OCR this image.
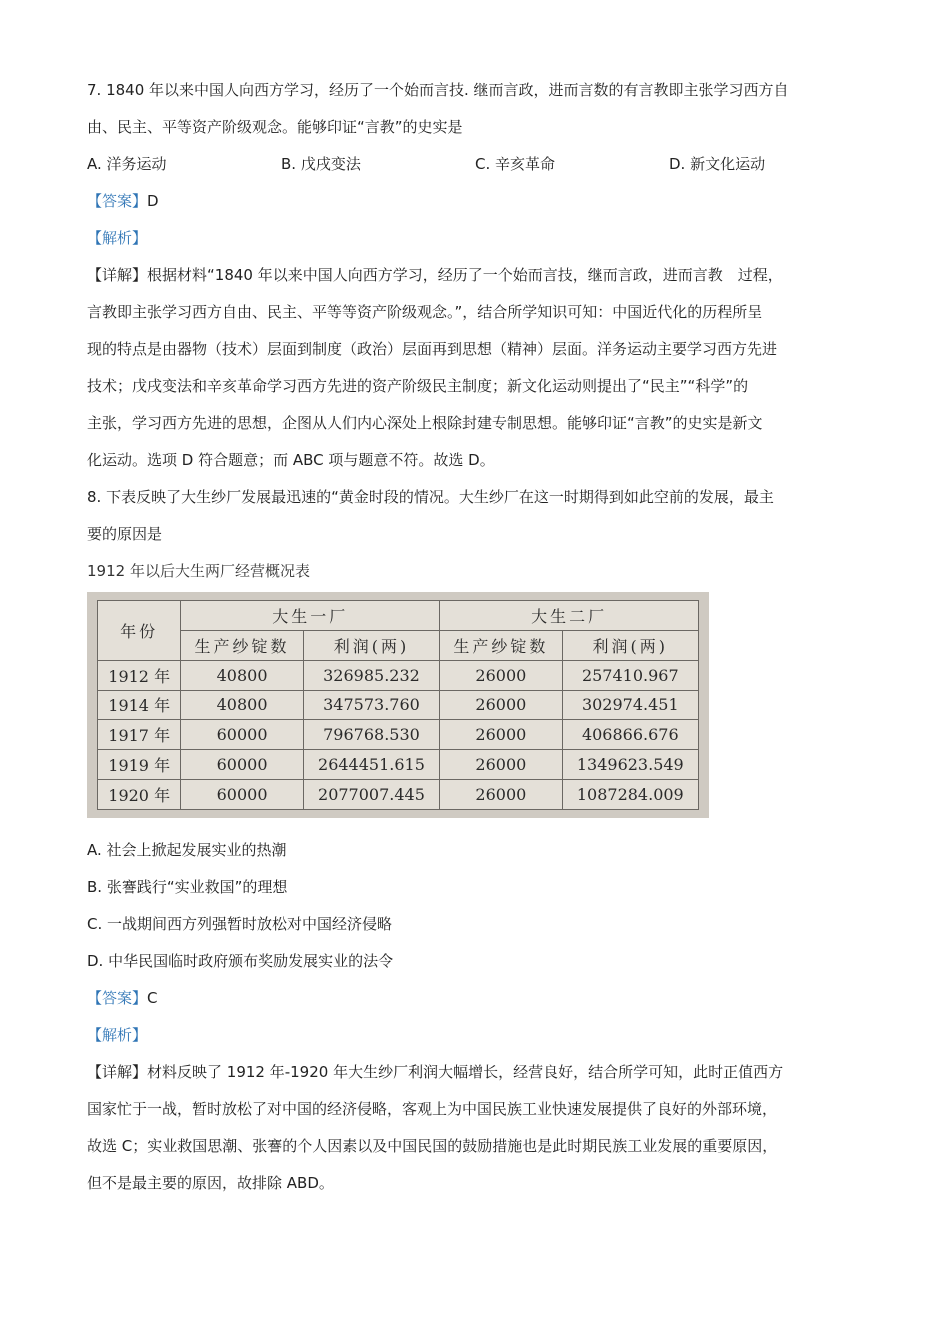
7. 1840 年以来中国人向西方学习，经历了一个始而言技. 继而言政，进而言数的有言教即主张学习西方自
由、民主、平等资产阶级观念。能够印证“言教”的史实是
A. 洋务运动	B. 戊戌变法	C. 辛亥革命	D. 新文化运动
【答案】D
【解析】
【详解】根据材料“1840 年以来中国人向西方学习，经历了一个始而言技，继而言政，进而言教　过程，
言教即主张学习西方自由、民主、平等等资产阶级观念。”，结合所学知识可知：中国近代化的历程所呈
现的特点是由器物（技术）层面到制度（政治）层面再到思想（精神）层面。洋务运动主要学习西方先进
技术；戊戌变法和辛亥革命学习西方先进的资产阶级民主制度；新文化运动则提出了“民主”“科学”的
主张，学习西方先进的思想，企图从人们内心深处上根除封建专制思想。能够印证“言教”的史实是新文
化运动。选项 D 符合题意；而 ABC 项与题意不符。故选 D。
8. 下表反映了大生纱厂发展最迅速的“黄金时段的情况。大生纱厂在这一时期得到如此空前的发展，最主
要的原因是
1912 年以后大生两厂经营概况表
年份	大生一厂		大生二厂	
	生产纱锭数	利润(两)	生产纱锭数	利润(两)
1912 年	40800	326985.232	26000	257410.967
1914 年	40800	347573.760	26000	302974.451
1917 年	60000	796768.530	26000	406866.676
1919 年	60000	2644451.615	26000	1349623.549
1920 年	60000	2077007.445	26000	1087284.009
A. 社会上掀起发展实业的热潮
B. 张謇践行“实业救国”的理想
C. 一战期间西方列强暂时放松对中国经济侵略
D. 中华民国临时政府颁布奖励发展实业的法令
【答案】C
【解析】
【详解】材料反映了 1912 年-1920 年大生纱厂利润大幅增长，经营良好，结合所学可知，此时正值西方
国家忙于一战，暂时放松了对中国的经济侵略，客观上为中国民族工业快速发展提供了良好的外部环境，
故选 C；实业救国思潮、张謇的个人因素以及中国民国的鼓励措施也是此时期民族工业发展的重要原因，
但不是最主要的原因，故排除 ABD。
